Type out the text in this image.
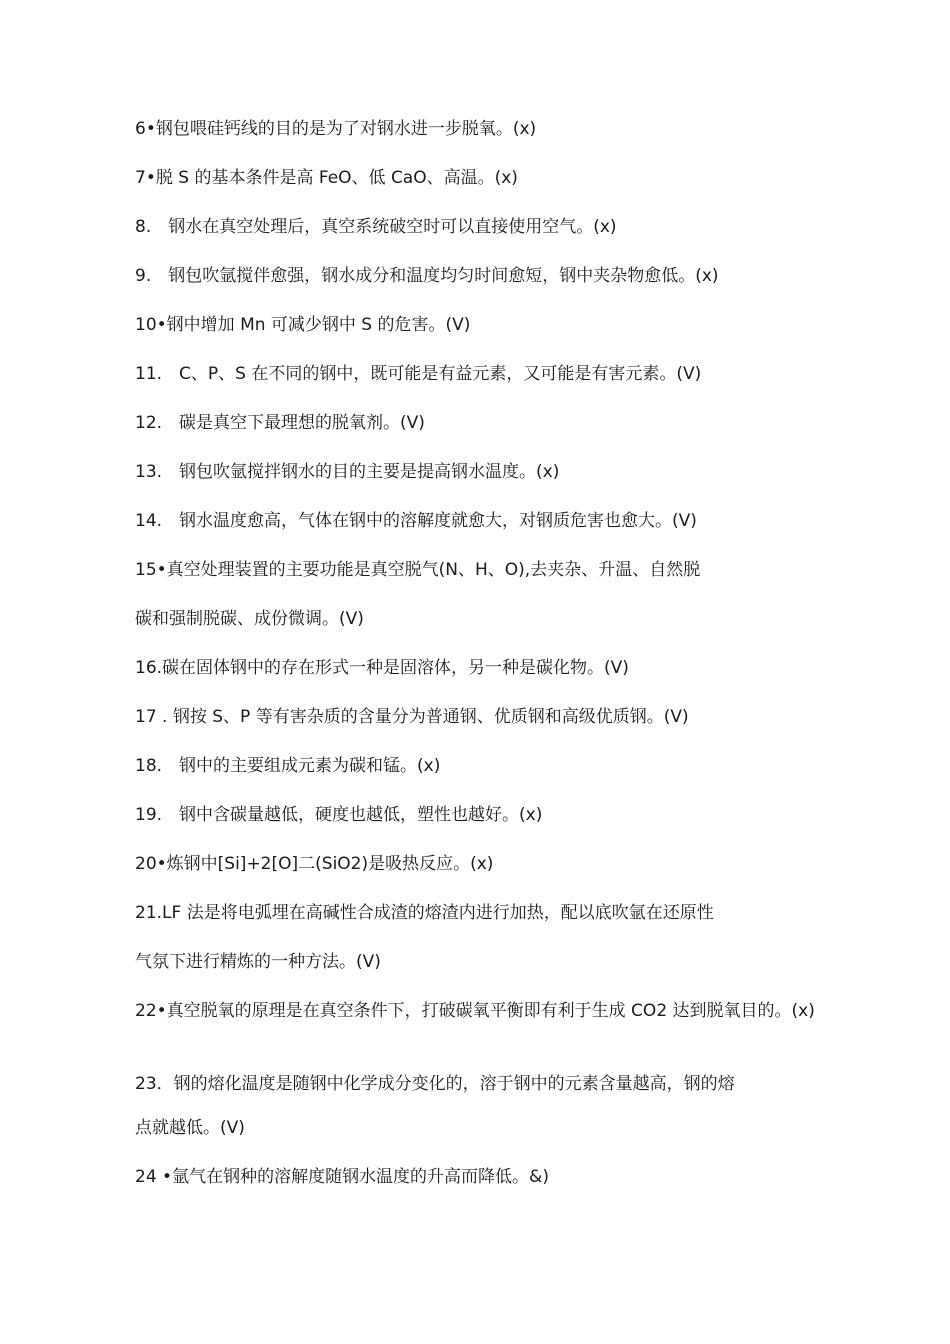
6•钢包喂硅钙线的目的是为了对钢水进一步脱氧。(x)
7•脱 S 的基本条件是高 FeO、低 CaO、高温。(x)
8.　钢水在真空处理后，真空系统破空时可以直接使用空气。(x)
9.　钢包吹氩搅伴愈强，钢水成分和温度均匀时间愈短，钢中夹杂物愈低。(x)
10•钢中增加 Mn 可减少钢中 S 的危害。(V)
11.　C、P、S 在不同的钢中，既可能是有益元素，又可能是有害元素。(V)
12.　碳是真空下最理想的脱氧剂。(V)
13.　钢包吹氩搅拌钢水的目的主要是提高钢水温度。(x)
14.　钢水温度愈高，气体在钢中的溶解度就愈大，对钢质危害也愈大。(V)
15•真空处理装置的主要功能是真空脱气(N、H、O),去夹杂、升温、自然脱
碳和强制脱碳、成份微调。(V)
16.碳在固体钢中的存在形式一种是固溶体，另一种是碳化物。(V)
17 . 钢按 S、P 等有害杂质的含量分为普通钢、优质钢和高级优质钢。(V)
18.　钢中的主要组成元素为碳和锰。(x)
19.　钢中含碳量越低，硬度也越低，塑性也越好。(x)
20•炼钢中[Si]+2[O]二(SiO2)是吸热反应。(x)
21.LF 法是将电弧埋在高碱性合成渣的熔渣内进行加热，配以底吹氩在还原性
气氛下进行精炼的一种方法。(V)
22•真空脱氧的原理是在真空条件下，打破碳氧平衡即有利于生成 CO2 达到脱氧目的。(x)
23．钢的熔化温度是随钢中化学成分变化的，溶于钢中的元素含量越高，钢的熔
点就越低。(V)
24 •氩气在钢种的溶解度随钢水温度的升高而降低。&)
